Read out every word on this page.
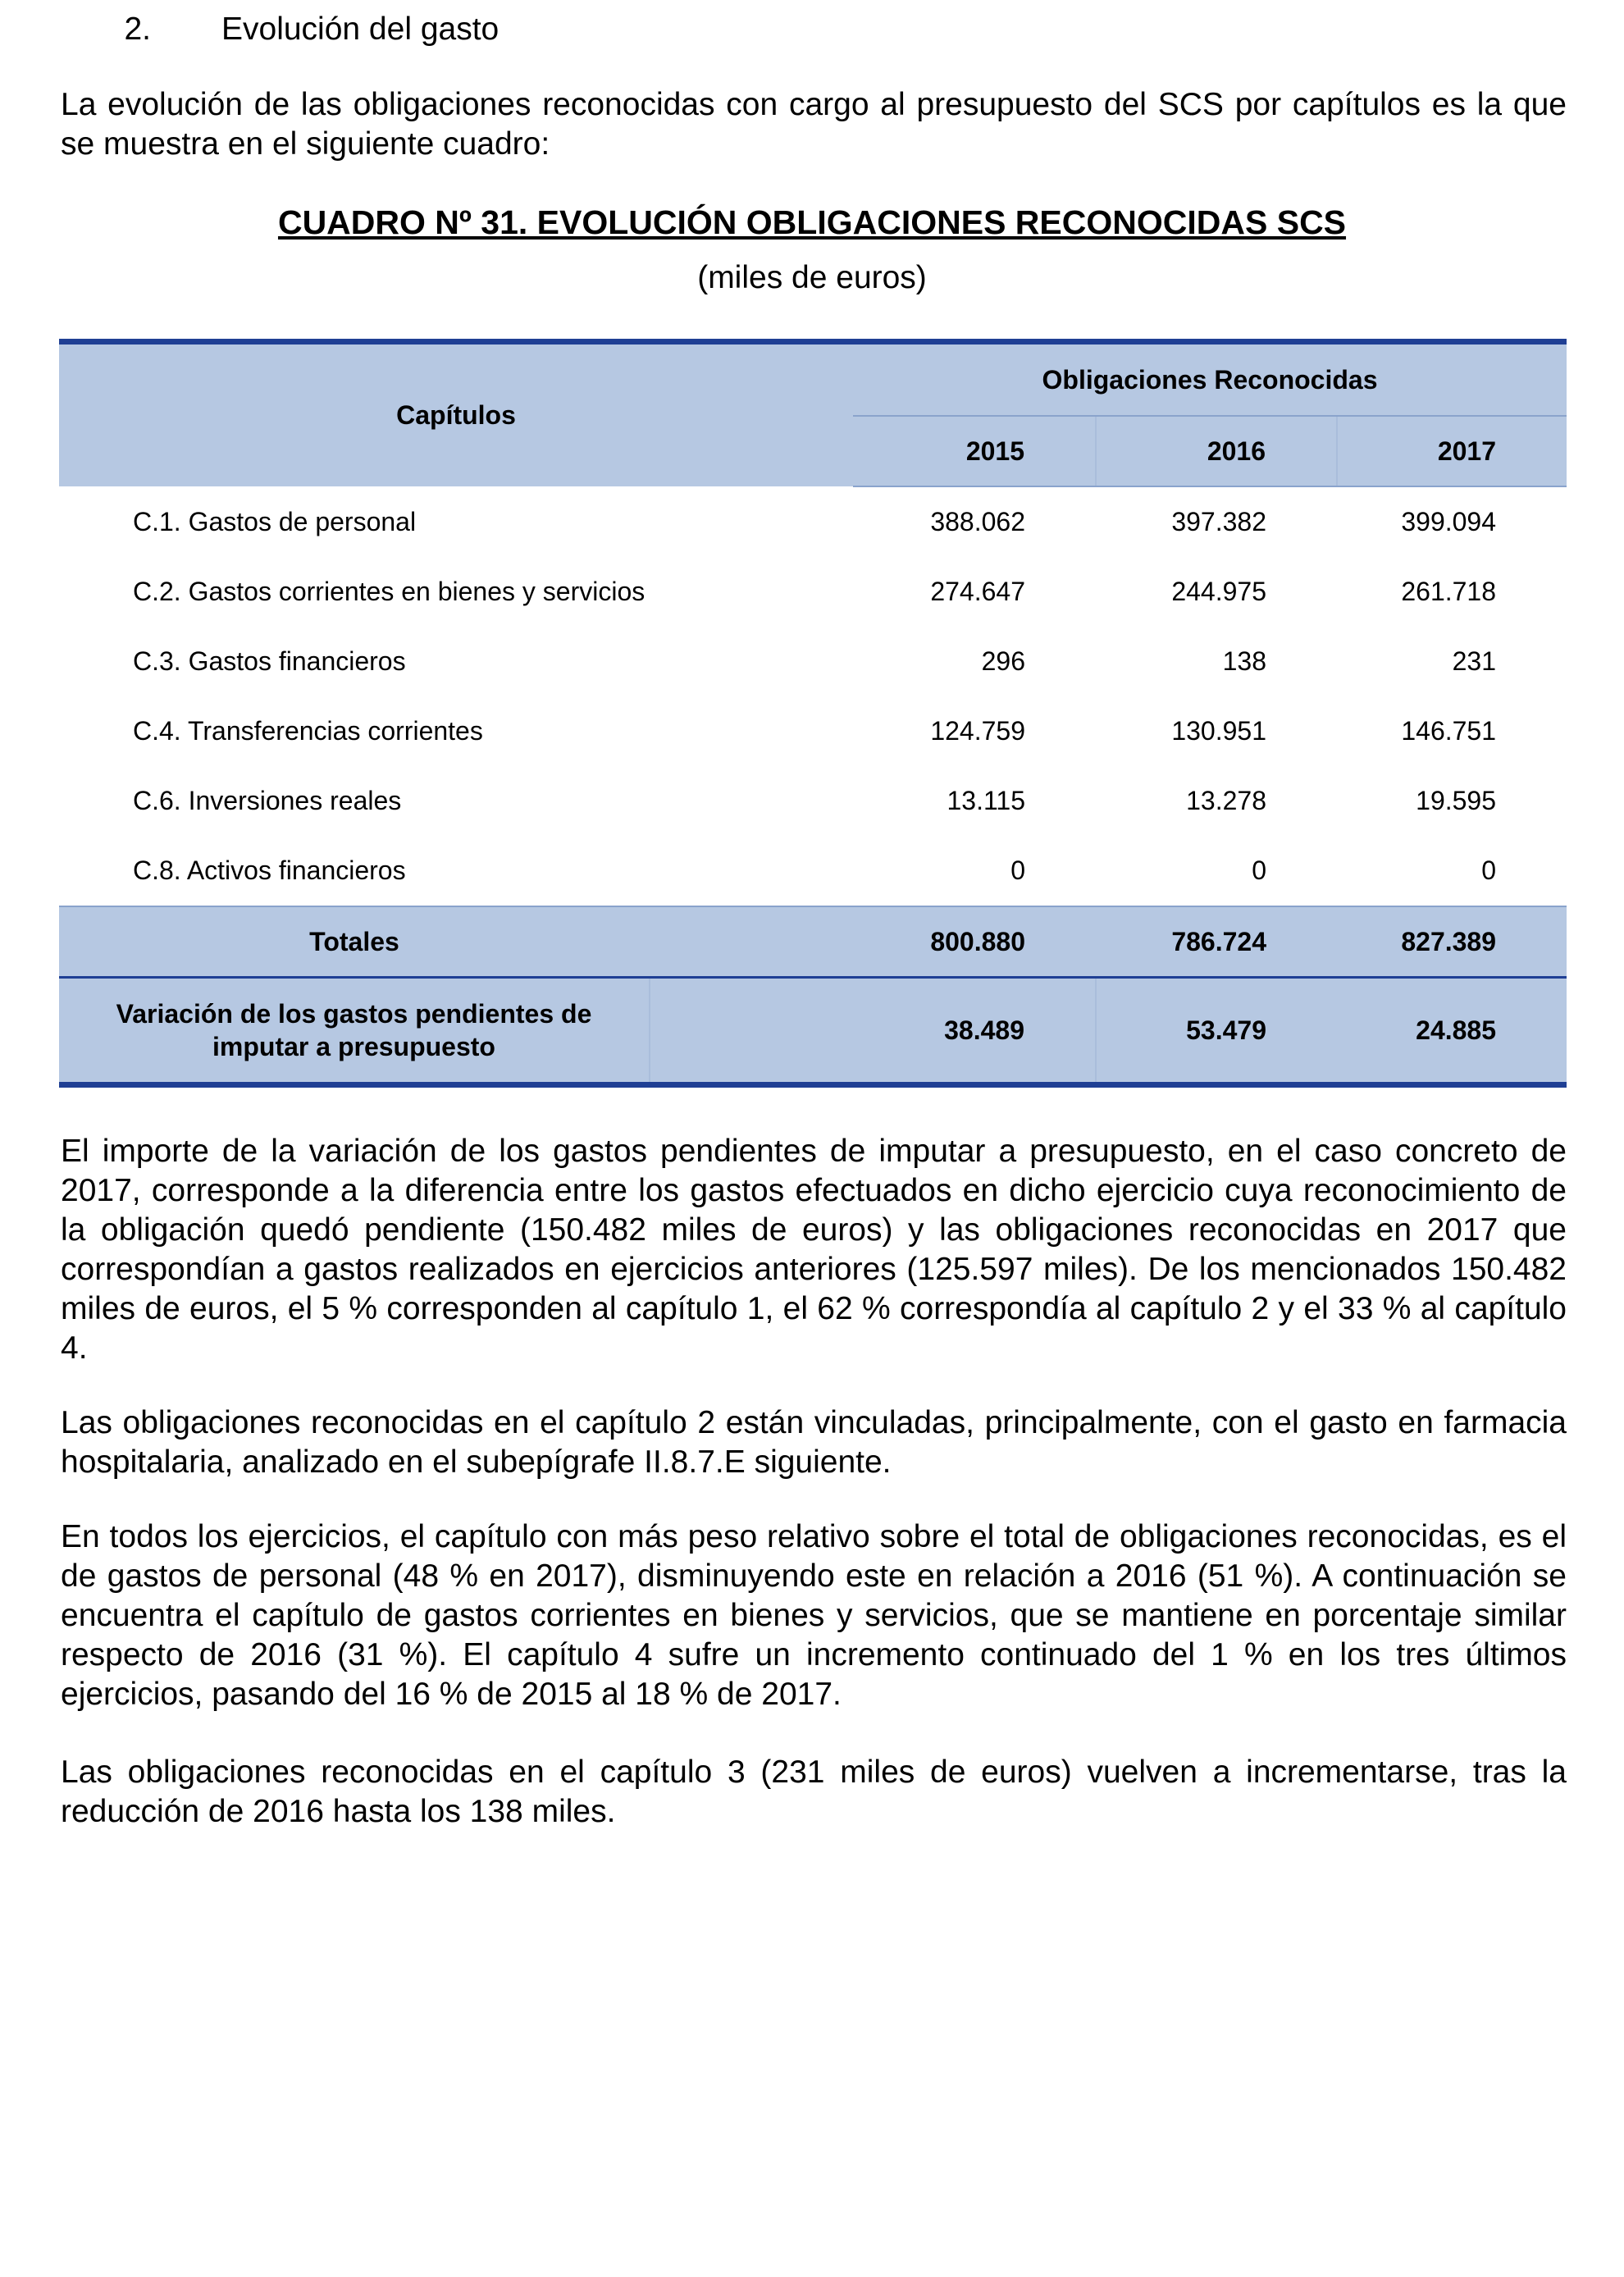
2. Evolución del gasto

La evolución de las obligaciones reconocidas con cargo al presupuesto del SCS por capítulos es la que se muestra en el siguiente cuadro:

CUADRO Nº 31. EVOLUCIÓN OBLIGACIONES RECONOCIDAS SCS
(miles de euros)
Capítulos		Obligaciones Reconocidas		
		2015	2016	2017
C.1. Gastos de personal		388.062	397.382	399.094
C.2. Gastos corrientes en bienes y servicios		274.647	244.975	261.718
C.3. Gastos financieros		296	138	231
C.4. Transferencias corrientes		124.759	130.951	146.751
C.6. Inversiones reales		13.115	13.278	19.595
C.8. Activos financieros		0	0	0
Totales		800.880	786.724	827.389
Variación de los gastos pendientes de imputar a presupuesto		38.489	53.479	24.885

El importe de la variación de los gastos pendientes de imputar a presupuesto, en el caso concreto de 2017, corresponde a la diferencia entre los gastos efectuados en dicho ejercicio cuya reconocimiento de la obligación quedó pendiente (150.482 miles de euros) y las obligaciones reconocidas en 2017 que correspondían a gastos realizados en ejercicios anteriores (125.597 miles). De los mencionados 150.482 miles de euros, el 5 % corresponden al capítulo 1, el 62 % correspondía al capítulo 2 y el 33 % al capítulo 4.

Las obligaciones reconocidas en el capítulo 2 están vinculadas, principalmente, con el gasto en farmacia hospitalaria, analizado en el subepígrafe II.8.7.E siguiente.

En todos los ejercicios, el capítulo con más peso relativo sobre el total de obligaciones reconocidas, es el de gastos de personal (48 % en 2017), disminuyendo este en relación a 2016 (51 %). A continuación se encuentra el capítulo de gastos corrientes en bienes y servicios, que se mantiene en porcentaje similar respecto de 2016 (31 %). El capítulo 4 sufre un incremento continuado del 1 % en los tres últimos ejercicios, pasando del 16 % de 2015 al 18 % de 2017.

Las obligaciones reconocidas en el capítulo 3 (231 miles de euros) vuelven a incrementarse, tras la reducción de 2016 hasta los 138 miles.
